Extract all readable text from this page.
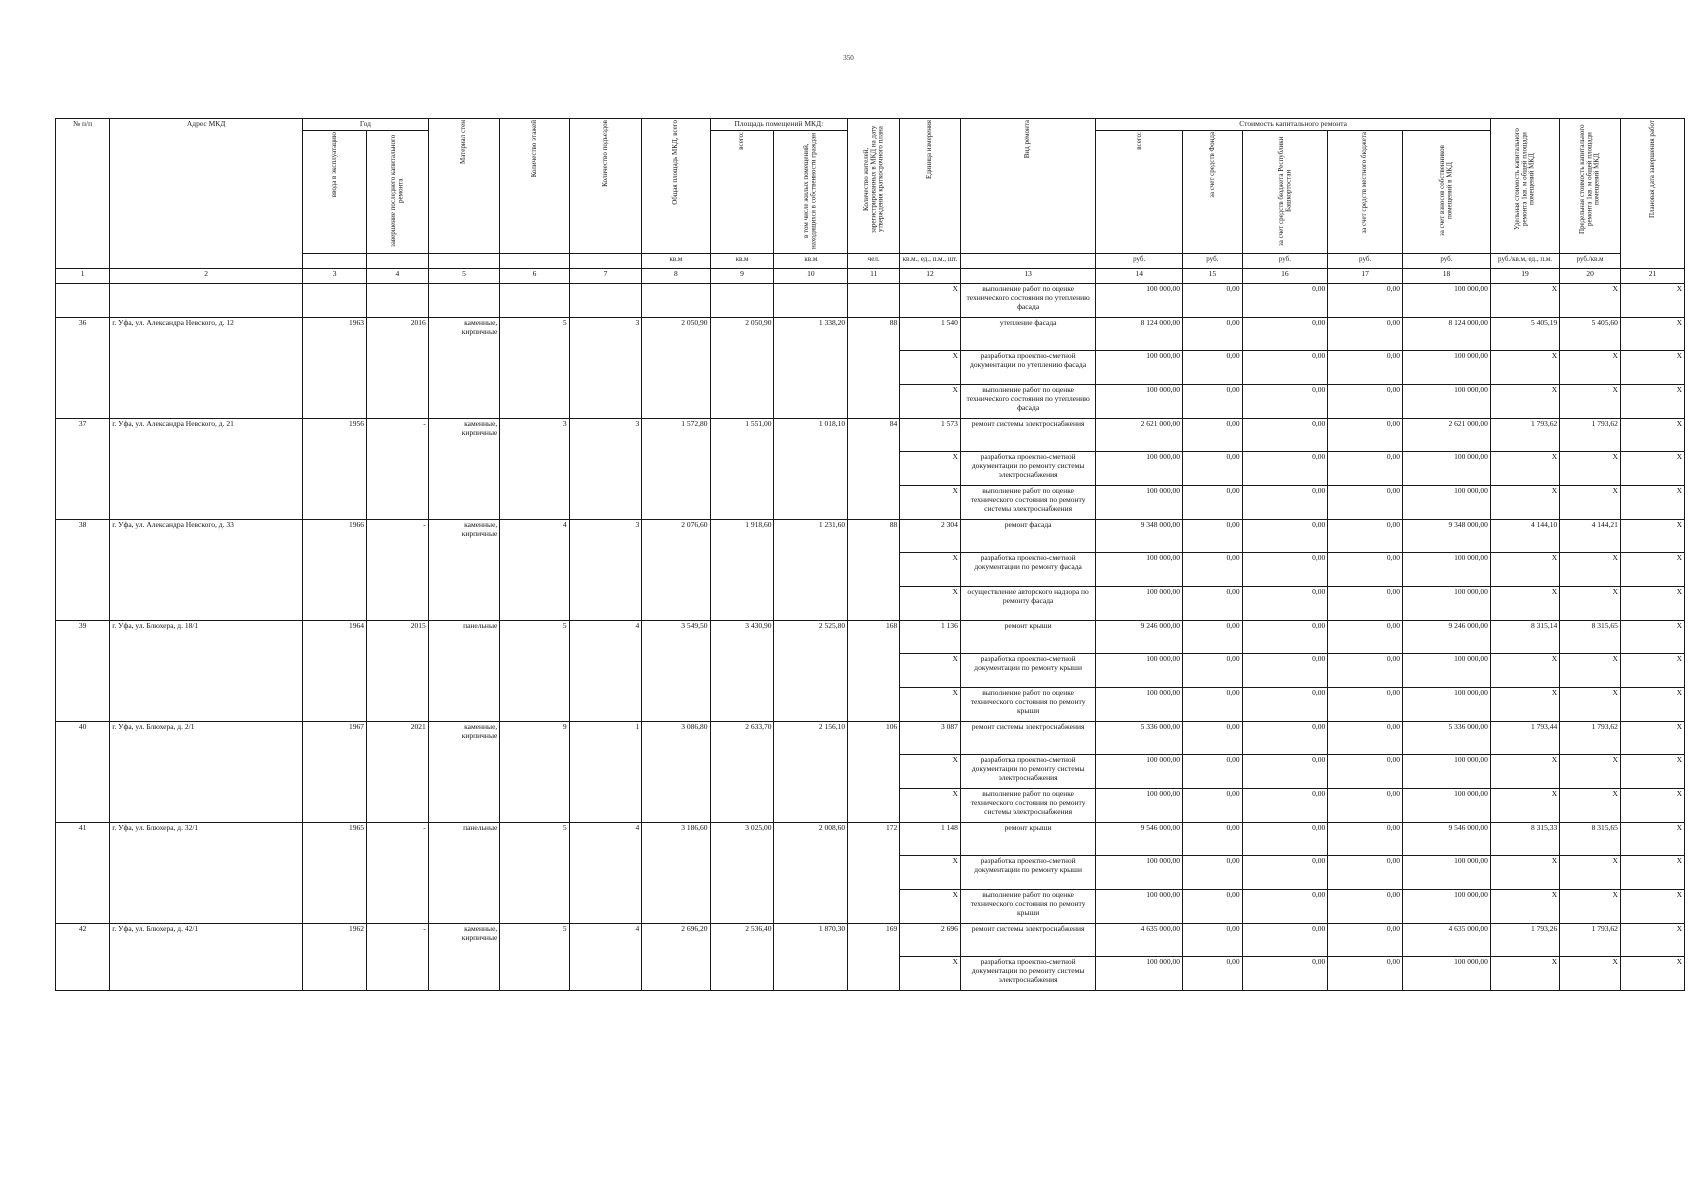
350
№ п/п	Адрес МКД	Год		Материал стен	Количество этажей	Количество подъездов	Общая площадь МКД, всего	Площадь помещений МКД:		Количество жителей, зарегистрированных в МКД на дату утверждения краткосрочного плана	Единица измерения	Вид ремонта	Стоимость капитального ремонта					Удельная стоимость капитального ремонта 1кв. м общей площади помещений МКД	Предельная стоимость капитального ремонта 1кв. м общей площади помещений МКД	Плановая дата завершения работ
		ввода в эксплуатацию	завершение последнего капитального ремонта					всего:	в том числе жилых помещений, находящихся в собственности граждан				всего:	за счет средств Фонда	за счет средств бюджета Республики Башкортостан	за счет средств местного бюджета	за счет взносов собственников помещений в МКД			
							кв.м	кв.м	кв.м	чел.	кв.м., ед., п.м., шт.		руб.	руб.	руб.	руб.	руб.	руб./кв.м, ед., п.м.	руб./кв.м	
1	2	3	4	5	6	7	8	9	10	11	12	13	14	15	16	17	18	19	20	21
											X	выполнение работ по оценке технического состояния по утеплению фасада	100 000,00	0,00	0,00	0,00	100 000,00	X	X	X
36	г. Уфа, ул. Александра Невского, д. 12	1963	2016	каменные, кирпичные	5	3	2 050,90	2 050,90	1 338,20	88	1 540	утепление фасада	8 124 000,00	0,00	0,00	0,00	8 124 000,00	5 405,19	5 405,60	X
											X	разработка проектно-сметной документации по утеплению фасада	100 000,00	0,00	0,00	0,00	100 000,00	X	X	X
											X	выполнение работ по оценке технического состояния по утеплению фасада	100 000,00	0,00	0,00	0,00	100 000,00	X	X	X
37	г. Уфа, ул. Александра Невского, д. 21	1956	-	каменные, кирпичные	3	3	1 572,80	1 551,00	1 018,10	84	1 573	ремонт системы электроснабжения	2 621 000,00	0,00	0,00	0,00	2 621 000,00	1 793,62	1 793,62	X
											X	разработка проектно-сметной документации по ремонту системы электроснабжения	100 000,00	0,00	0,00	0,00	100 000,00	X	X	X
											X	выполнение работ по оценке технического состояния по ремонту системы электроснабжения	100 000,00	0,00	0,00	0,00	100 000,00	X	X	X
38	г. Уфа, ул. Александра Невского, д. 33	1966	-	каменные, кирпичные	4	3	2 076,60	1 918,60	1 231,60	88	2 304	ремонт фасада	9 348 000,00	0,00	0,00	0,00	9 348 000,00	4 144,10	4 144,21	X
											X	разработка проектно-сметной документации по ремонту фасада	100 000,00	0,00	0,00	0,00	100 000,00	X	X	X
											X	осуществление авторского надзора по ремонту фасада	100 000,00	0,00	0,00	0,00	100 000,00	X	X	X
39	г. Уфа, ул. Блюхера, д. 18/1	1964	2015	панельные	5	4	3 549,50	3 430,90	2 525,80	168	1 136	ремонт крыши	9 246 000,00	0,00	0,00	0,00	9 246 000,00	8 315,14	8 315,65	X
											X	разработка проектно-сметной документации по ремонту крыши	100 000,00	0,00	0,00	0,00	100 000,00	X	X	X
											X	выполнение работ по оценке технического состояния по ремонту крыши	100 000,00	0,00	0,00	0,00	100 000,00	X	X	X
40	г. Уфа, ул. Блюхера, д. 2/1	1967	2021	каменные, кирпичные	9	1	3 086,80	2 633,70	2 156,10	106	3 087	ремонт системы электроснабжения	5 336 000,00	0,00	0,00	0,00	5 336 000,00	1 793,44	1 793,62	X
											X	разработка проектно-сметной документации по ремонту системы электроснабжения	100 000,00	0,00	0,00	0,00	100 000,00	X	X	X
											X	выполнение работ по оценке технического состояния по ремонту системы электроснабжения	100 000,00	0,00	0,00	0,00	100 000,00	X	X	X
41	г. Уфа, ул. Блюхера, д. 32/1	1965	-	панельные	5	4	3 186,60	3 025,00	2 008,60	172	1 148	ремонт крыши	9 546 000,00	0,00	0,00	0,00	9 546 000,00	8 315,33	8 315,65	X
											X	разработка проектно-сметной документации по ремонту крыши	100 000,00	0,00	0,00	0,00	100 000,00	X	X	X
											X	выполнение работ по оценке технического состояния по ремонту крыши	100 000,00	0,00	0,00	0,00	100 000,00	X	X	X
42	г. Уфа, ул. Блюхера, д. 42/1	1962	-	каменные, кирпичные	5	4	2 696,20	2 536,40	1 870,30	169	2 696	ремонт системы электроснабжения	4 635 000,00	0,00	0,00	0,00	4 635 000,00	1 793,26	1 793,62	X
											X	разработка проектно-сметной документации по ремонту системы электроснабжения	100 000,00	0,00	0,00	0,00	100 000,00	X	X	X
